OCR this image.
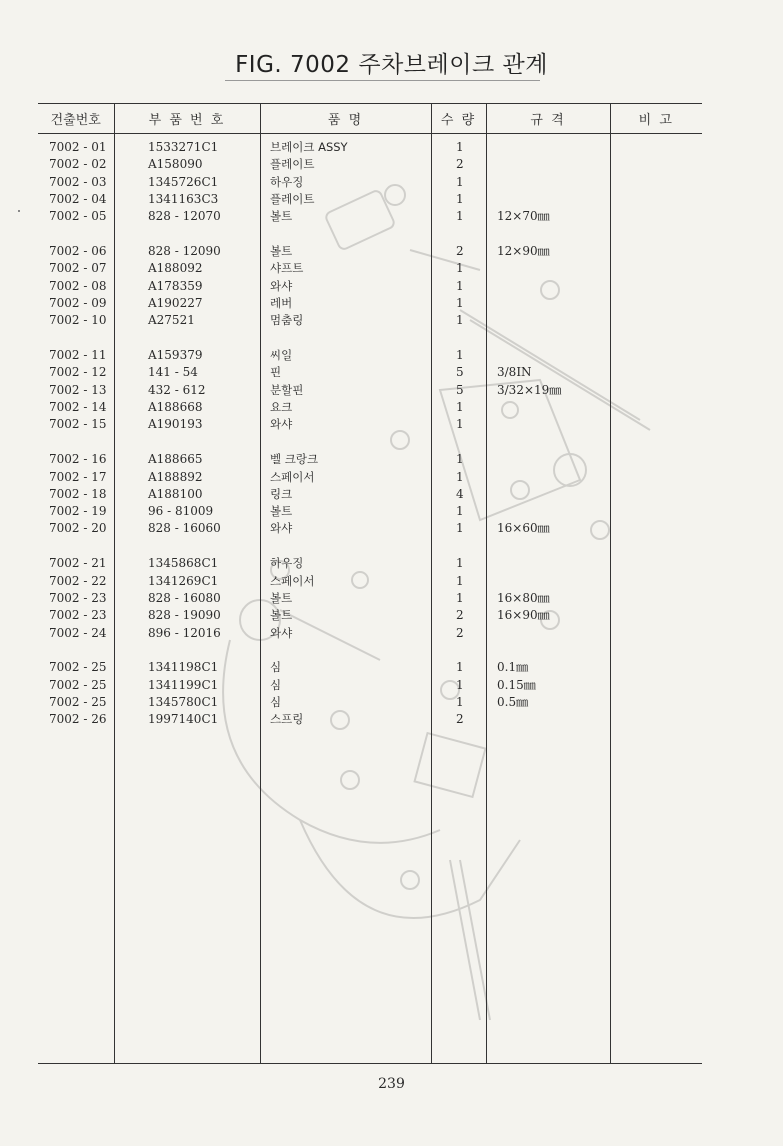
FIG. 7002 주차브레이크 관계
건출번호	부 품 번 호	품 명	수 량	규 격	비 고
7002 - 01	1533271C1	브레이크 ASSY	1
7002 - 02	A158090	플레이트	2
7002 - 03	1345726C1	하우징	1
7002 - 04	1341163C3	플레이트	1
7002 - 05	828 - 12070	볼트	1	12×70㎜
7002 - 06	828 - 12090	볼트	2	12×90㎜
7002 - 07	A188092	샤프트	1
7002 - 08	A178359	와샤	1
7002 - 09	A190227	레버	1
7002 - 10	A27521	멈춤링	1
7002 - 11	A159379	씨일	1
7002 - 12	141 - 54	핀	5	3/8IN
7002 - 13	432 - 612	분할핀	5	3/32×19㎜
7002 - 14	A188668	요크	1
7002 - 15	A190193	와샤	1
7002 - 16	A188665	벨 크랑크	1
7002 - 17	A188892	스페이서	1
7002 - 18	A188100	링크	4
7002 - 19	96 - 81009	볼트	1
7002 - 20	828 - 16060	와샤	1	16×60㎜
7002 - 21	1345868C1	하우징	1
7002 - 22	1341269C1	스페이서	1
7002 - 23	828 - 16080	볼트	1	16×80㎜
7002 - 23	828 - 19090	볼트	2	16×90㎜
7002 - 24	896 - 12016	와샤	2
7002 - 25	1341198C1	심	1	0.1㎜
7002 - 25	1341199C1	심	1	0.15㎜
7002 - 25	1345780C1	심	1	0.5㎜
7002 - 26	1997140C1	스프링	2
239
